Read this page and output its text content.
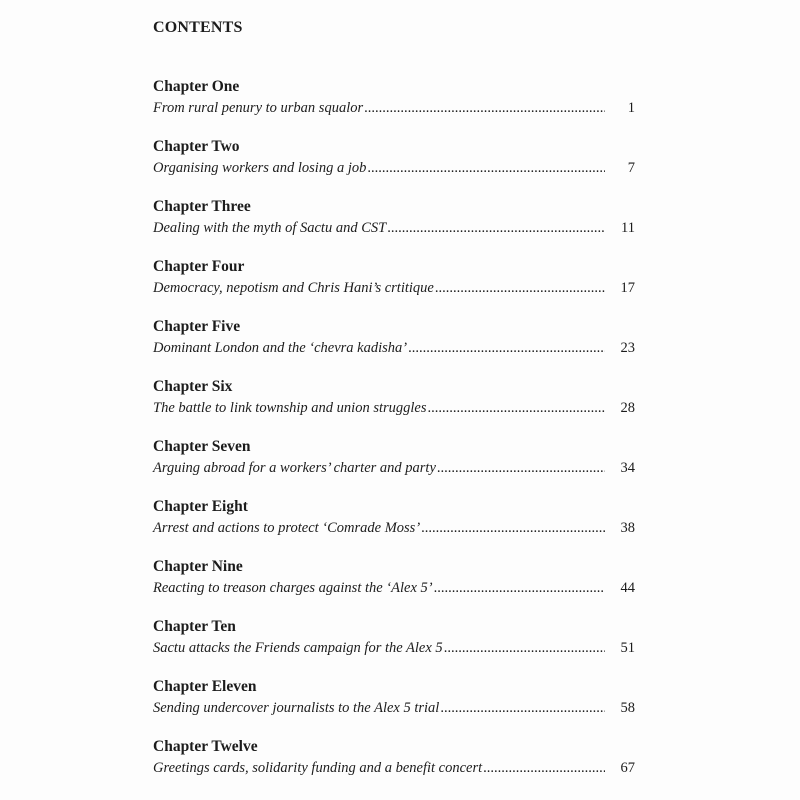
CONTENTS
Chapter One
From rural penury to urban squalor .....	1
Chapter Two
Organising workers and losing a job .....	7
Chapter Three
Dealing with the myth of Sactu and CST .....	11
Chapter Four
Democracy, nepotism and Chris Hani’s crtitique .....	17
Chapter Five
Dominant London and the ‘chevra kadisha’ .....	23
Chapter Six
The battle to link township and union struggles .....	28
Chapter Seven
Arguing abroad for a workers’ charter and party .....	34
Chapter Eight
Arrest and actions to protect ‘Comrade Moss’ .....	38
Chapter Nine
Reacting to treason charges against the ‘Alex 5’ .....	44
Chapter Ten
Sactu attacks the Friends campaign for the Alex 5 .....	51
Chapter Eleven
Sending undercover journalists to the Alex 5 trial .....	58
Chapter Twelve
Greetings cards, solidarity funding and a benefit concert .....	67
